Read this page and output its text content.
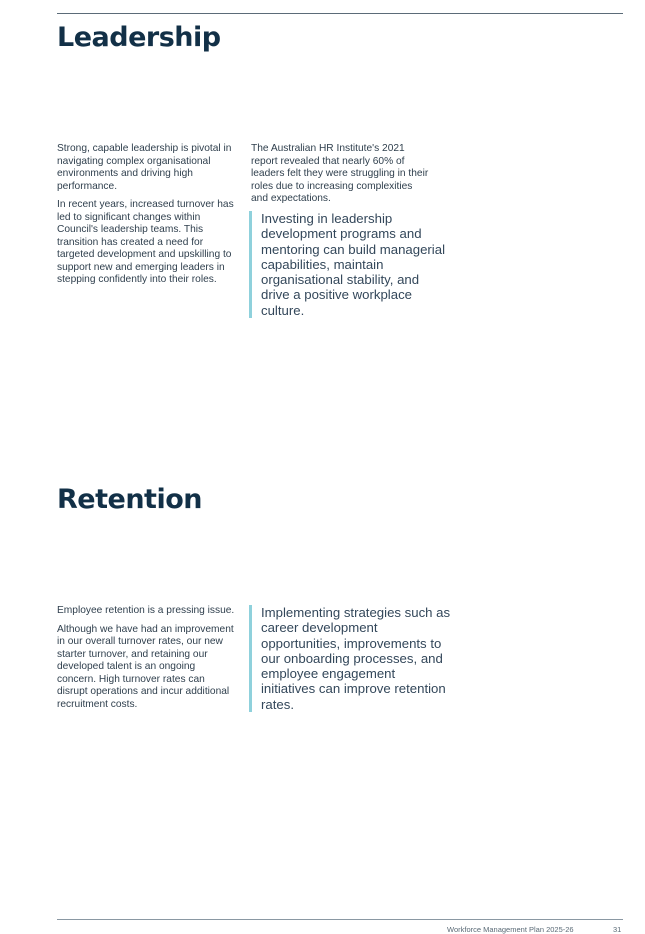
Leadership

Strong, capable leadership is pivotal in navigating complex organisational environments and driving high performance.

In recent years, increased turnover has led to significant changes within Council's leadership teams. This transition has created a need for targeted development and upskilling to support new and emerging leaders in stepping confidently into their roles.

The Australian HR Institute's 2021 report revealed that nearly 60% of leaders felt they were struggling in their roles due to increasing complexities and expectations.

Investing in leadership development programs and mentoring can build managerial capabilities, maintain organisational stability, and drive a positive workplace culture.
Retention

Employee retention is a pressing issue.

Although we have had an improvement in our overall turnover rates, our new starter turnover, and retaining our developed talent is an ongoing concern. High turnover rates can disrupt operations and incur additional recruitment costs.

Implementing strategies such as career development opportunities, improvements to our onboarding processes, and employee engagement initiatives can improve retention rates.
Workforce Management Plan 2025-26	31
